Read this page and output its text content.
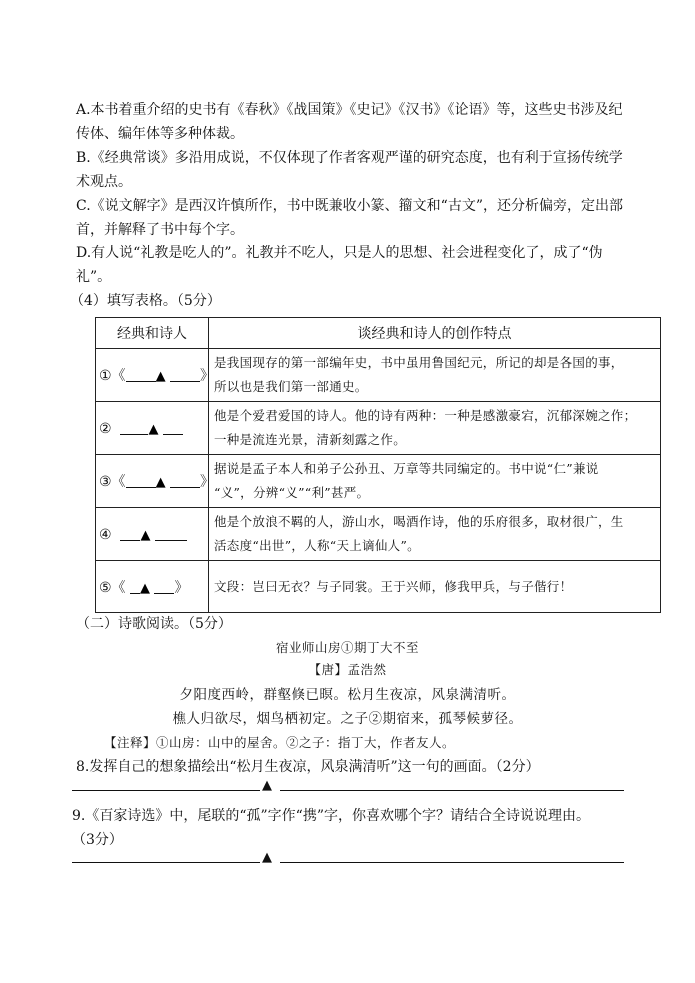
A.本书着重介绍的史书有《春秋》《战国策》《史记》《汉书》《论语》等，这些史书涉及纪
传体、编年体等多种体裁。
B.《经典常谈》多沿用成说，不仅体现了作者客观严谨的研究态度，也有利于宣扬传统学
术观点。
C.《说文解字》是西汉许慎所作，书中既兼收小篆、籀文和“古文”，还分析偏旁，定出部
首，并解释了书中每个字。
D.有人说“礼教是吃人的”。礼教并不吃人，只是人的思想、社会进程变化了，成了“伪
礼”。
（4）填写表格。（5分）
经典和诗人	谈经典和诗人的创作特点
①《 ▲ 》	是我国现存的第一部编年史，书中虽用鲁国纪元，所记的却是各国的事，
所以也是我们第一部通史。

② ▲	他是个爱君爱国的诗人。他的诗有两种：一种是感激豪宕，沉郁深婉之作；
一种是流连光景，清新刻露之作。

③《 ▲ 》	据说是孟子本人和弟子公孙丑、万章等共同编定的。书中说“仁”兼说
“义”，分辨“义”“利”甚严。

④ ▲	他是个放浪不羁的人，游山水，喝酒作诗，他的乐府很多，取材很广，生
活态度“出世”，人称“天上谪仙人”。

⑤《 ▲ 》	文段：岂曰无衣？与子同裳。王于兴师，修我甲兵，与子偕行！
（二）诗歌阅读。（5分）
宿业师山房①期丁大不至
【唐】孟浩然
夕阳度西岭，群壑倏已暝。松月生夜凉，风泉满清听。
樵人归欲尽，烟鸟栖初定。之子②期宿来，孤琴候萝径。
【注释】①山房：山中的屋舍。②之子：指丁大，作者友人。
8.发挥自己的想象描绘出“松月生夜凉，风泉满清听”这一句的画面。（2分）
▲
9.《百家诗选》中，尾联的“孤”字作“携”字，你喜欢哪个字？请结合全诗说说理由。
（3分）
▲
